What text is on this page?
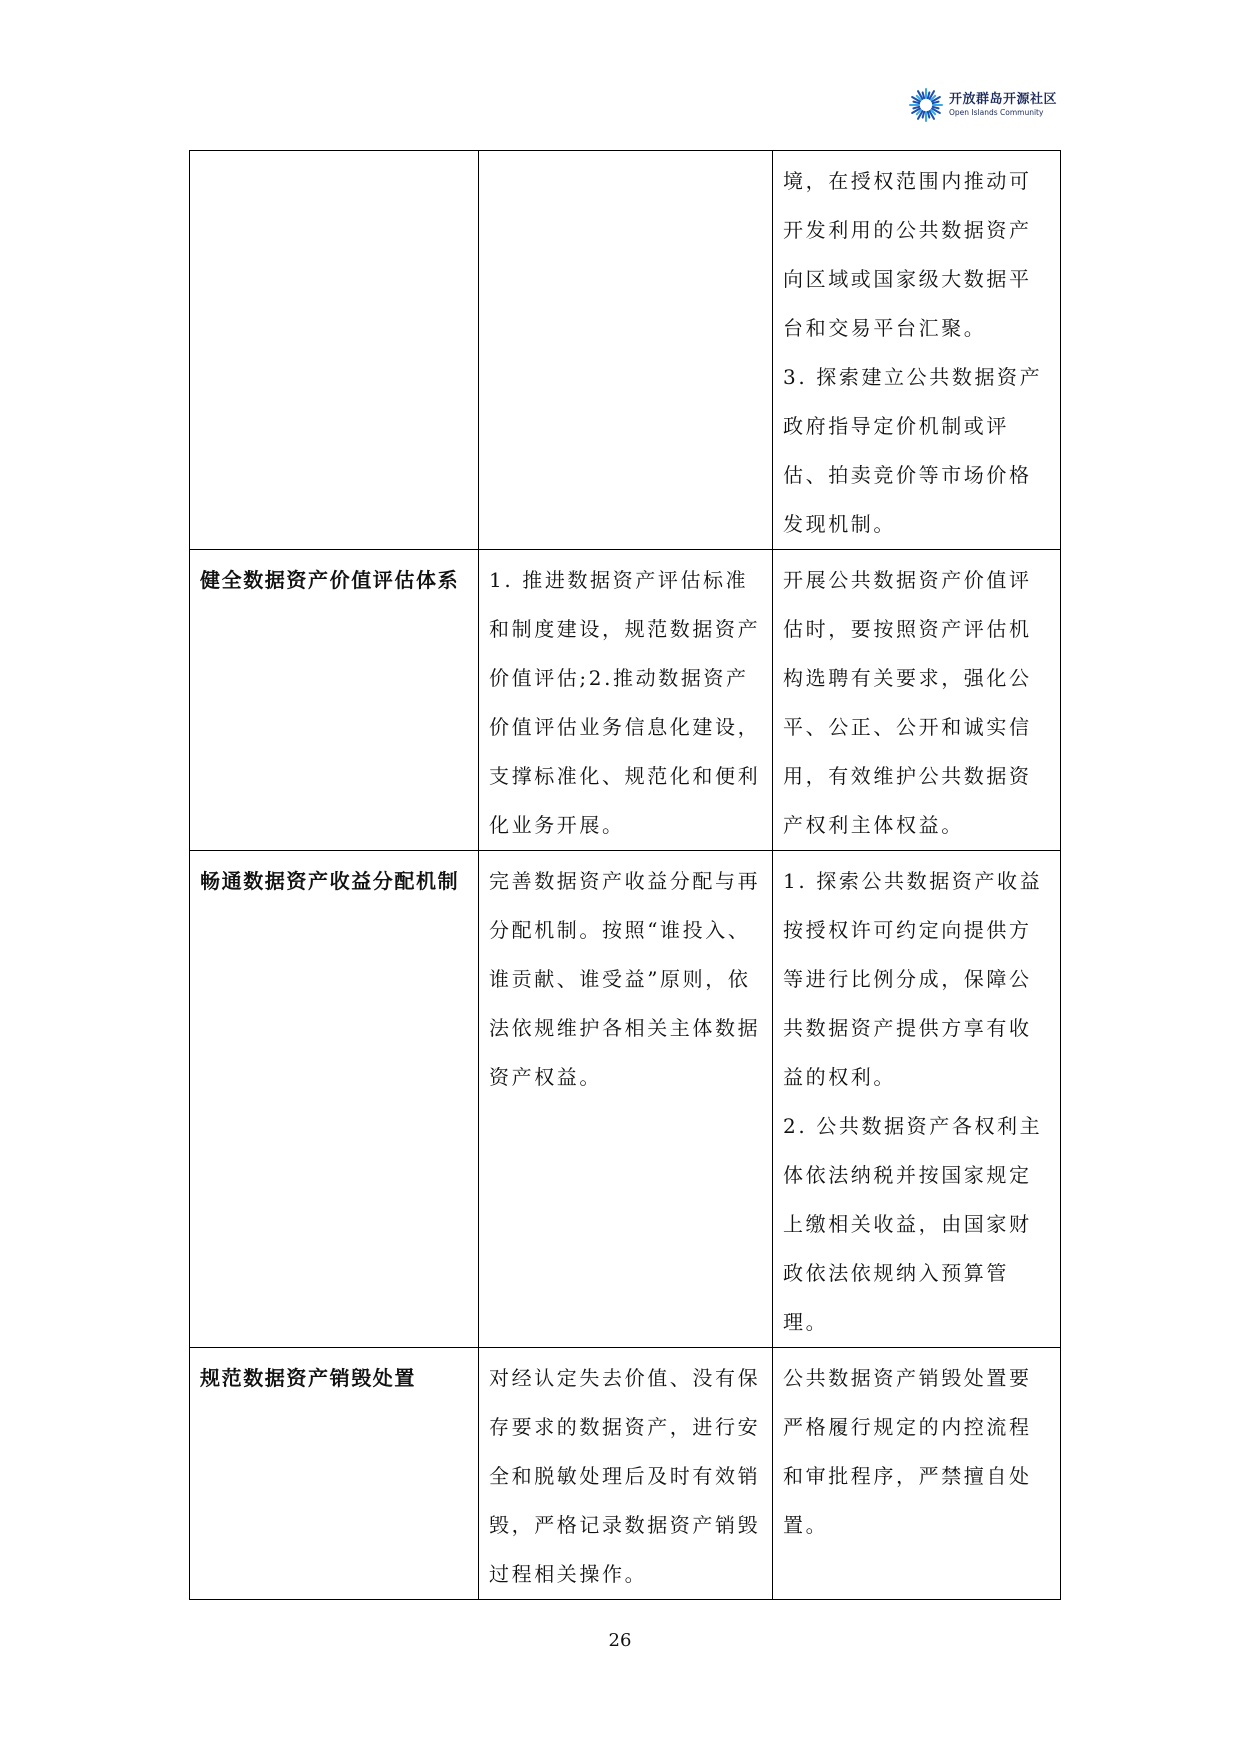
开放群岛开源社区
Open Islands Community

		境，在授权范围内推动可开发利用的公共数据资产向区域或国家级大数据平台和交易平台汇聚。
3. 探索建立公共数据资产政府指导定价机制或评估、拍卖竞价等市场价格发现机制。

健全数据资产价值评估体系	1. 推进数据资产评估标准和制度建设，规范数据资产价值评估;2.推动数据资产价值评估业务信息化建设，支撑标准化、规范化和便利化业务开展。	开展公共数据资产价值评估时，要按照资产评估机构选聘有关要求，强化公平、公正、公开和诚实信用，有效维护公共数据资产权利主体权益。

畅通数据资产收益分配机制	完善数据资产收益分配与再分配机制。按照“谁投入、谁贡献、谁受益”原则，依法依规维护各相关主体数据资产权益。	1. 探索公共数据资产收益按授权许可约定向提供方等进行比例分成，保障公共数据资产提供方享有收益的权利。
2. 公共数据资产各权利主体依法纳税并按国家规定上缴相关收益，由国家财政依法依规纳入预算管理。

规范数据资产销毁处置	对经认定失去价值、没有保存要求的数据资产，进行安全和脱敏处理后及时有效销毁，严格记录数据资产销毁过程相关操作。	公共数据资产销毁处置要严格履行规定的内控流程和审批程序，严禁擅自处置。
26
